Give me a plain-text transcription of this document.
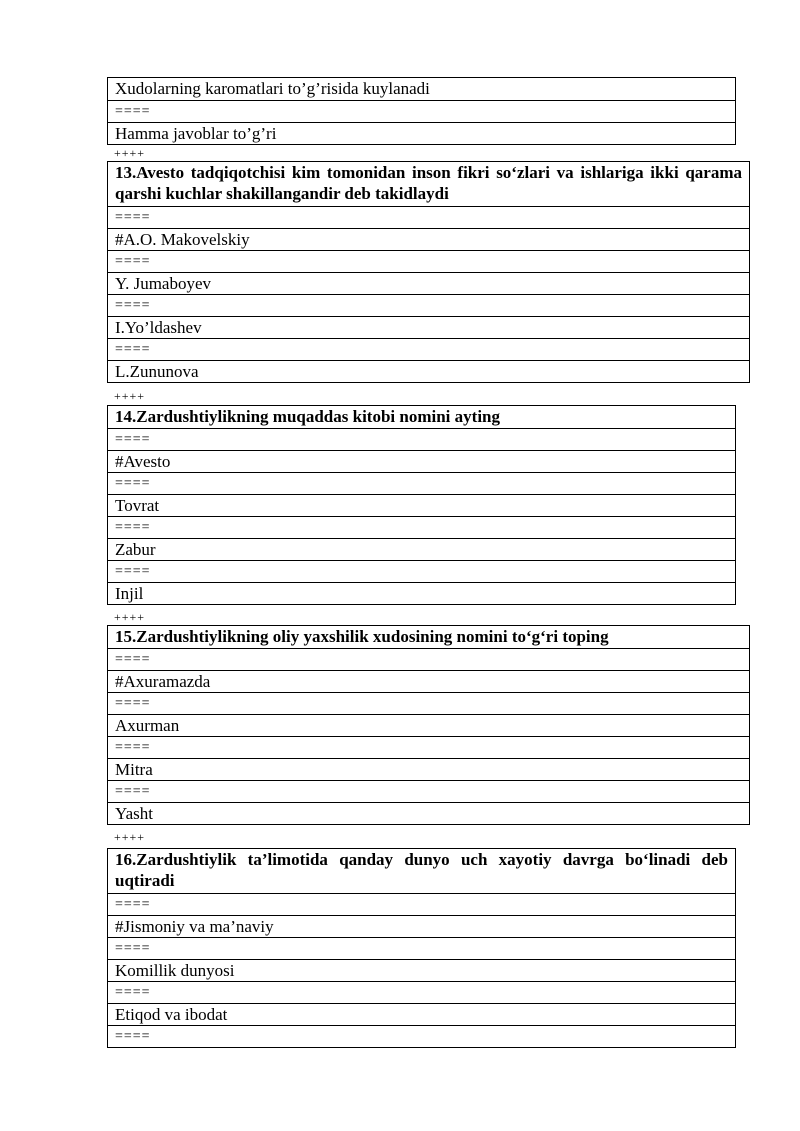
Xudolarning karomatlari to’g’risida kuylanadi
====
Hamma javoblar to’g’ri
++++
13.Avesto tadqiqotchisi kim tomonidan inson fikri so‘zlari va ishlariga ikki qarama qarshi kuchlar shakillangandir deb takidlaydi
====
#A.O. Makovelskiy
====
Y. Jumaboyev
====
I.Yo’ldashev
====
L.Zununova
++++
14.Zardushtiylikning muqaddas kitobi nomini ayting
====
#Avesto
====
Tovrat
====
Zabur
====
Injil
++++
15.Zardushtiylikning oliy yaxshilik xudosining nomini to‘g‘ri toping
====
#Axuramazda
====
Axurman
====
Mitra
====
Yasht
++++
16.Zardushtiylik ta’limotida qanday dunyo uch xayotiy davrga bo‘linadi deb uqtiradi
====
#Jismoniy va ma’naviy
====
Komillik dunyosi
====
Etiqod va ibodat
====
